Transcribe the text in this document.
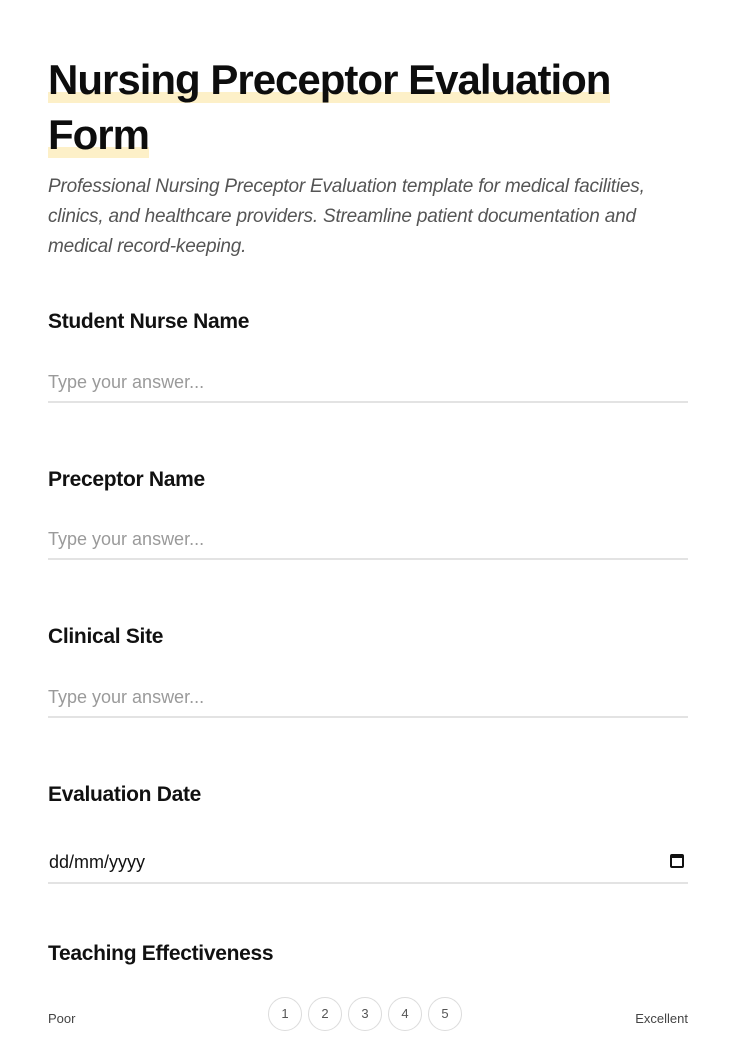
Nursing Preceptor Evaluation
Form

Professional Nursing Preceptor Evaluation template for medical facilities, clinics, and healthcare providers. Streamline patient documentation and medical record-keeping.

Student Nurse Name
Type your answer...
Preceptor Name
Type your answer...
Clinical Site
Type your answer...
Evaluation Date
dd/mm/yyyy
Teaching Effectiveness
Poor	1	2	3	4	5	Excellent
